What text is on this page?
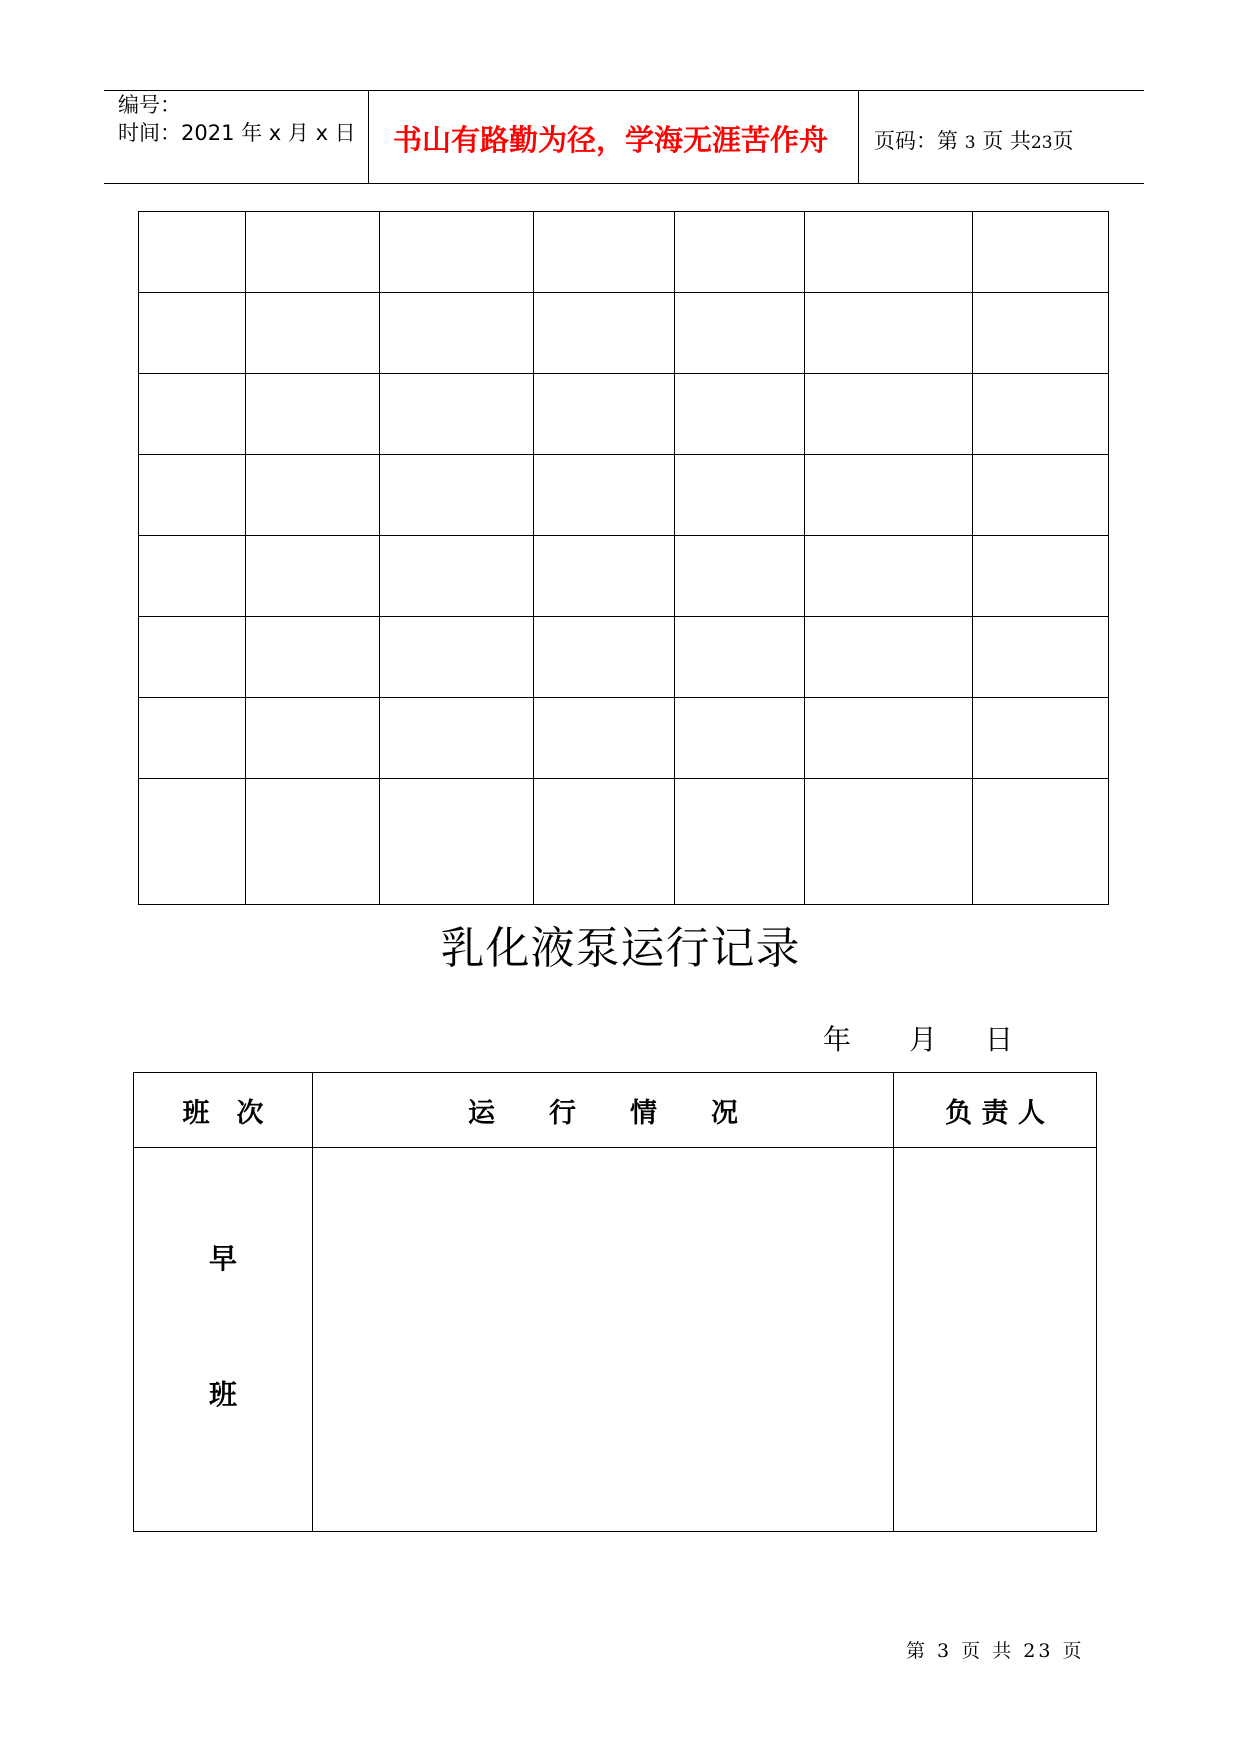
编号：
时间：2021 年 x 月 x 日 书山有路勤为径，学海无涯苦作舟 页码：第 3 页 共23页

乳化液泵运行记录
年 月 日
班　次	运　　行　　情　　况	负 责 人

早
班		

第 3 页 共 23 页
